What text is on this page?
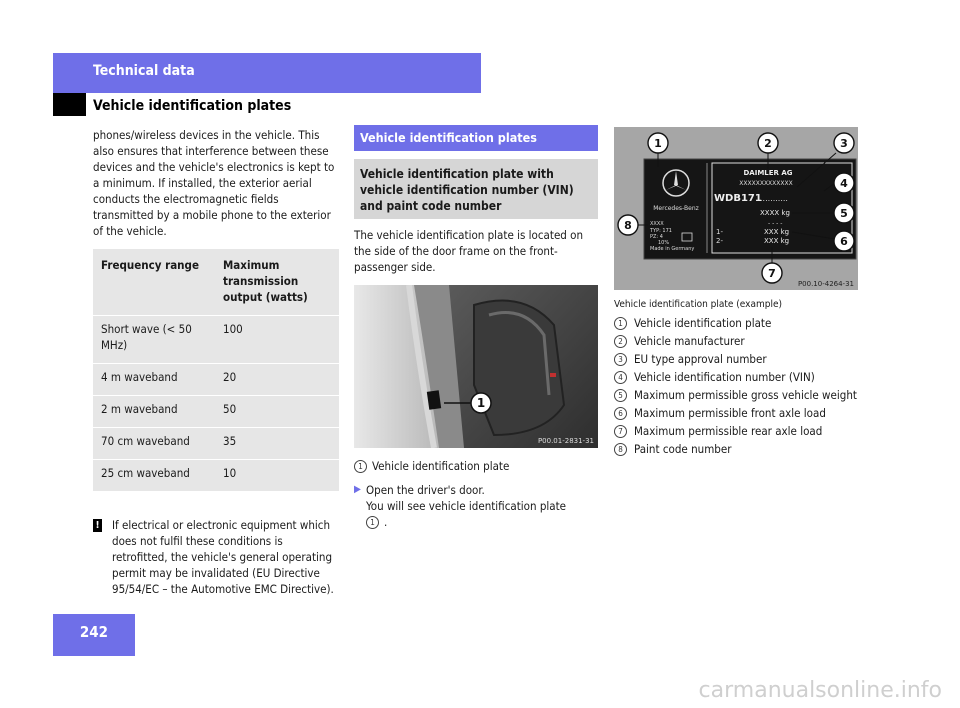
Technical data
Vehicle identification plates

phones/wireless devices in the vehicle. This also ensures that interference between these devices and the vehicle's electronics is kept to a minimum. If installed, the exterior aerial conducts the electromagnetic fields transmitted by a mobile phone to the exterior of the vehicle.

Frequency range	Maximum transmission output (watts)
Short wave (< 50 MHz)	100
4 m waveband	20
2 m waveband	50
70 cm waveband	35
25 cm waveband	10
! If electrical or electronic equipment which does not fulfil these conditions is retrofitted, the vehicle's general operating permit may be invalidated (EU Directive 95/54/EC – the Automotive EMC Directive).
Vehicle identification plates
Vehicle identification plate with vehicle identification number (VIN) and paint code number

The vehicle identification plate is located on the side of the door frame on the front-passenger side.

1
P00.01-2831-31
1 Vehicle identification plate
▶ Open the driver's door.
You will see vehicle identification plate
1 .
Mercedes-Benz
DAIMLER AG
XXXXXXXXXXXXX
WDB171
...........
XXXX kg
- - - -
XXX kg
XXX kg
1-
2-
XXXX
TYP: 171
PZ: 4
10%
Made in Germany
1	2	3
4
5
6
7
8
P00.10-4264-31
Vehicle identification plate (example)
1 Vehicle identification plate
2 Vehicle manufacturer
3 EU type approval number
4 Vehicle identification number (VIN)
5 Maximum permissible gross vehicle weight
6 Maximum permissible front axle load
7 Maximum permissible rear axle load
8 Paint code number
242
carmanualsonline.info
